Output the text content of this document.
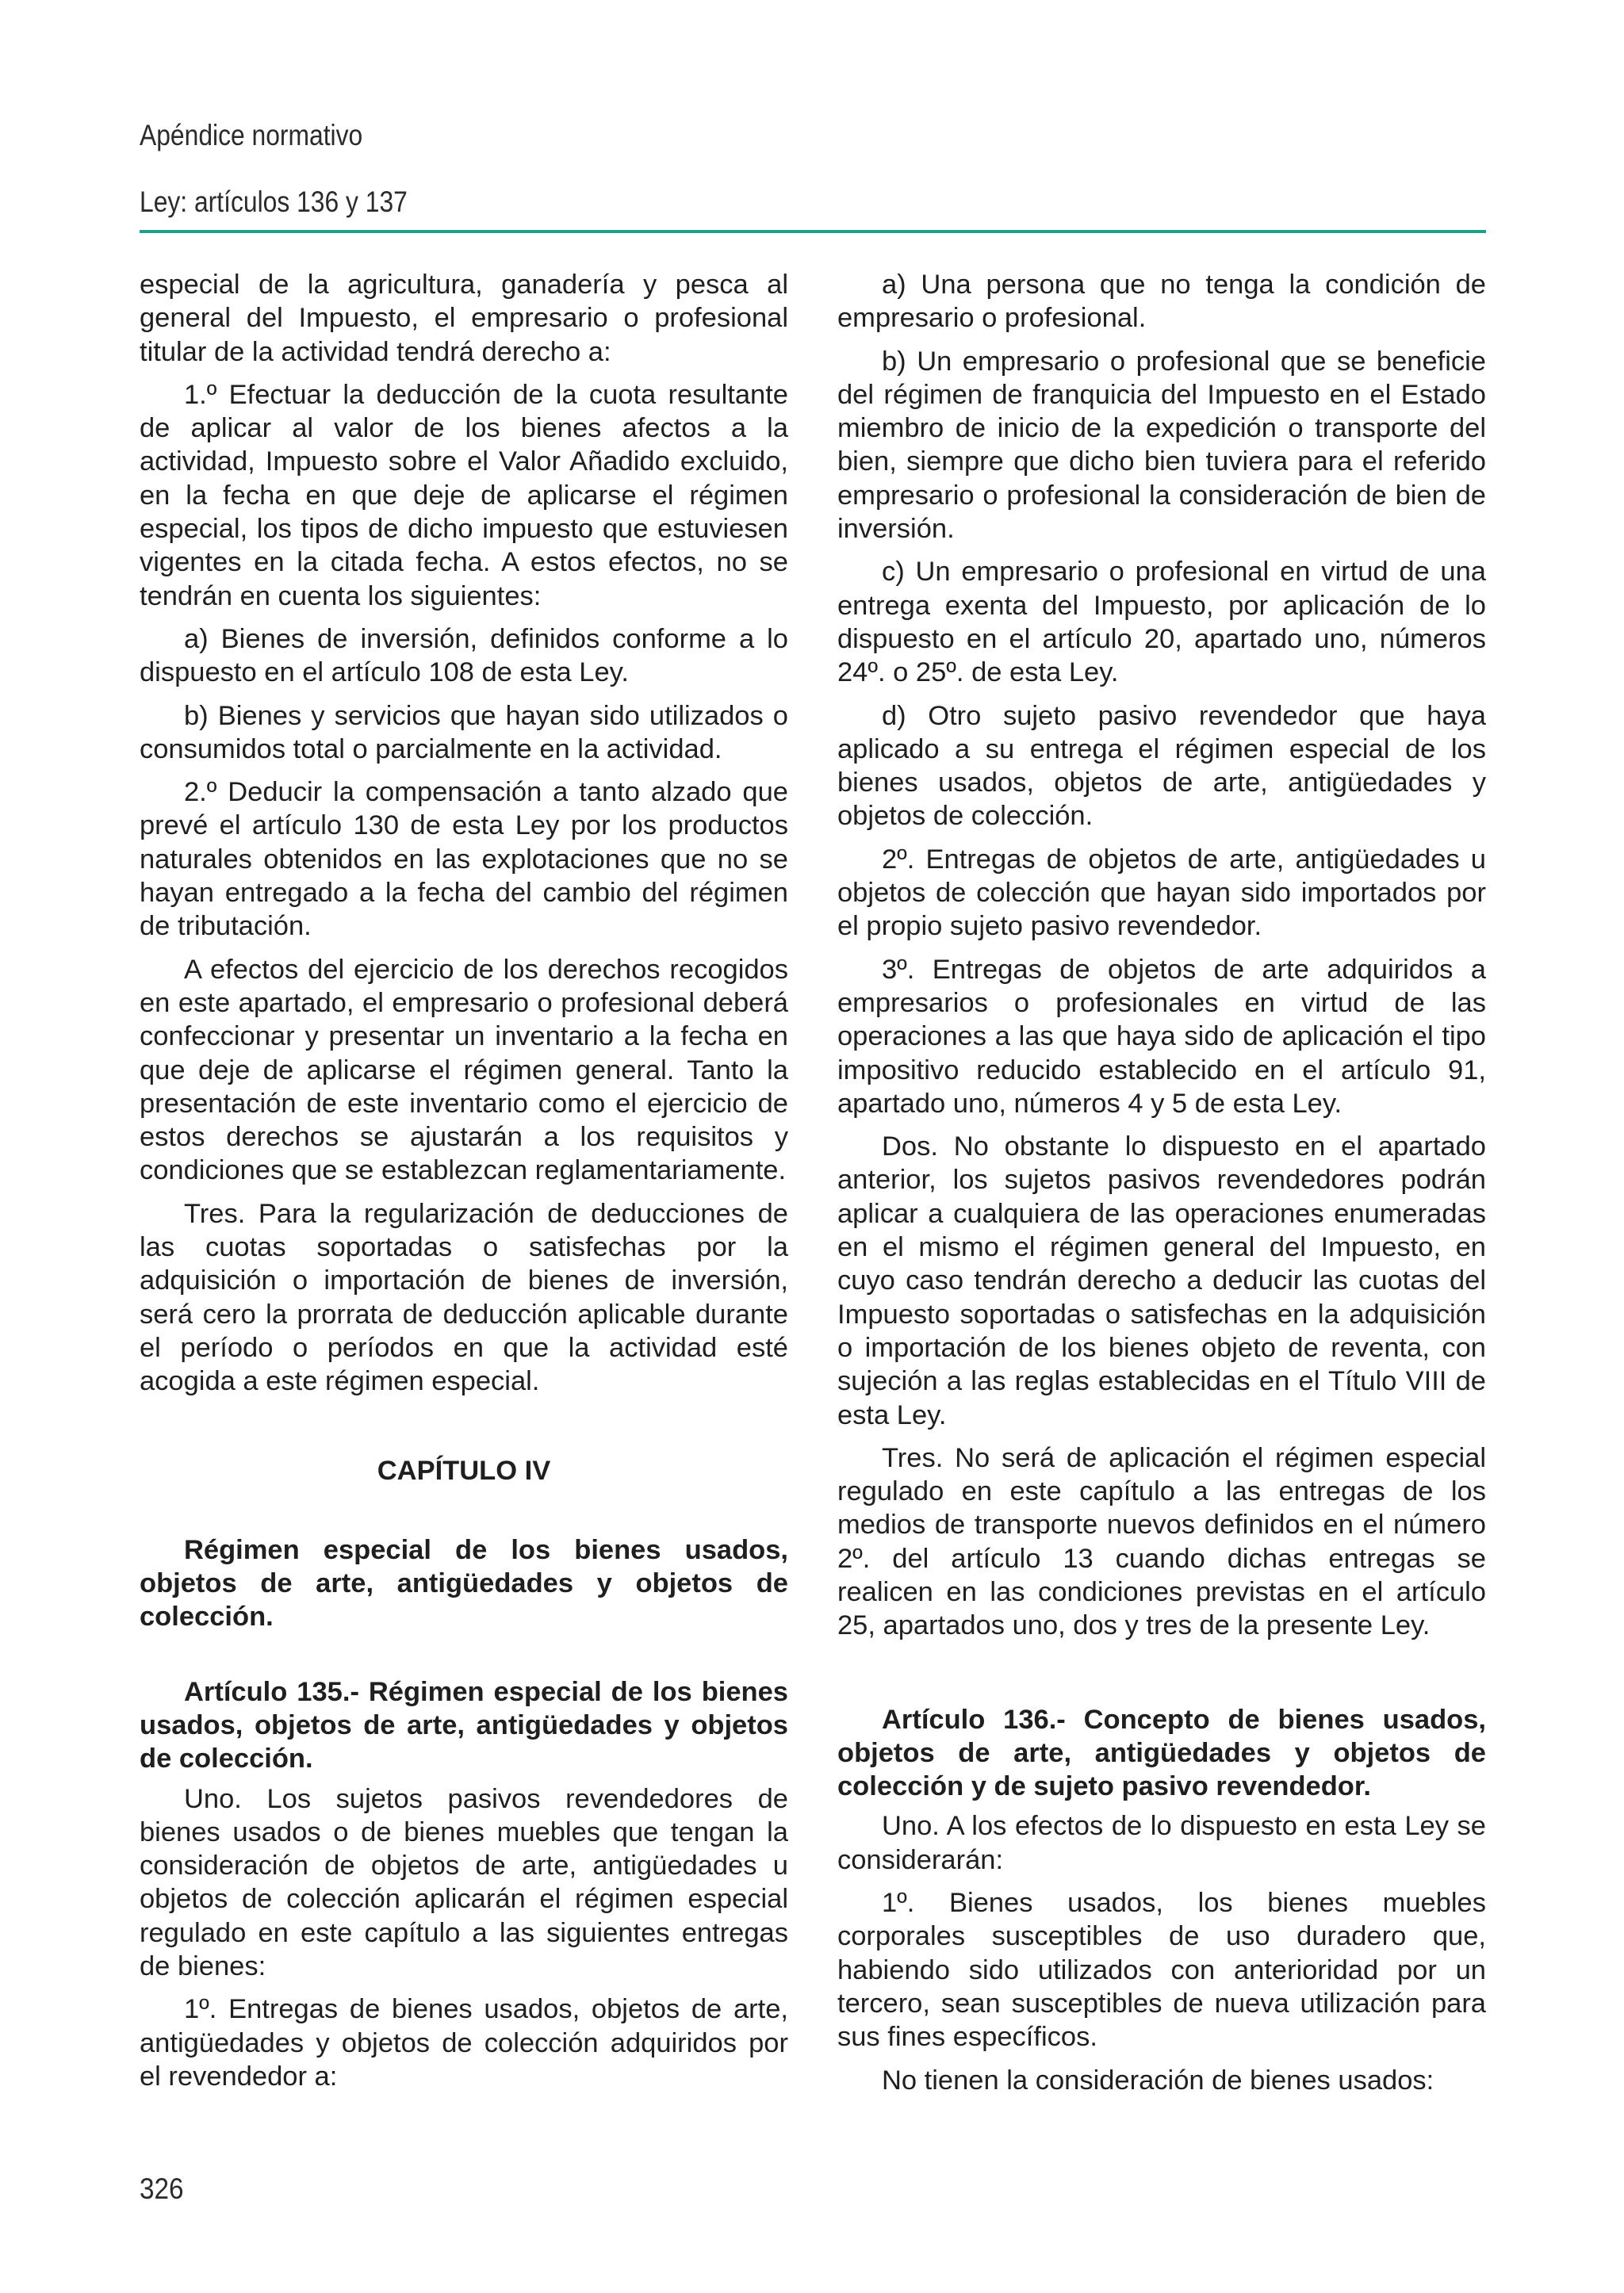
Apéndice normativo
Ley: artículos 136 y 137

especial de la agricultura, ganadería y pesca al general del Impuesto, el empresario o profesional titular de la actividad tendrá derecho a:

1.º Efectuar la deducción de la cuota resultante de aplicar al valor de los bienes afectos a la actividad, Impuesto sobre el Valor Añadido excluido, en la fecha en que deje de aplicarse el régimen especial, los tipos de dicho impuesto que estuviesen vigentes en la citada fecha. A estos efectos, no se tendrán en cuenta los siguientes:

a) Bienes de inversión, definidos conforme a lo dispuesto en el artículo 108 de esta Ley.

b) Bienes y servicios que hayan sido utilizados o consumidos total o parcialmente en la actividad.

2.º Deducir la compensación a tanto alzado que prevé el artículo 130 de esta Ley por los productos naturales obtenidos en las explotaciones que no se hayan entregado a la fecha del cambio del régimen de tributación.

A efectos del ejercicio de los derechos recogidos en este apartado, el empresario o profesional deberá confeccionar y presentar un inventario a la fecha en que deje de aplicarse el régimen general. Tanto la presentación de este inventario como el ejercicio de estos derechos se ajustarán a los requisitos y condiciones que se establezcan reglamentariamente.

Tres. Para la regularización de deducciones de las cuotas soportadas o satisfechas por la adquisición o importación de bienes de inversión, será cero la prorrata de deducción aplicable durante el período o períodos en que la actividad esté acogida a este régimen especial.

CAPÍTULO IV
Régimen especial de los bienes usados, objetos de arte, antigüedades y objetos de colección.
Artículo 135.- Régimen especial de los bienes usados, objetos de arte, antigüedades y objetos de colección.

Uno. Los sujetos pasivos revendedores de bienes usados o de bienes muebles que tengan la consideración de objetos de arte, antigüedades u objetos de colección aplicarán el régimen especial regulado en este capítulo a las siguientes entregas de bienes:

1º. Entregas de bienes usados, objetos de arte, antigüedades y objetos de colección adquiridos por el revendedor a:

a) Una persona que no tenga la condición de empresario o profesional.

b) Un empresario o profesional que se beneficie del régimen de franquicia del Impuesto en el Estado miembro de inicio de la expedición o transporte del bien, siempre que dicho bien tuviera para el referido empresario o profesional la consideración de bien de inversión.

c) Un empresario o profesional en virtud de una entrega exenta del Impuesto, por aplicación de lo dispuesto en el artículo 20, apartado uno, números 24º. o 25º. de esta Ley.

d) Otro sujeto pasivo revendedor que haya aplicado a su entrega el régimen especial de los bienes usados, objetos de arte, antigüedades y objetos de colección.

2º. Entregas de objetos de arte, antigüedades u objetos de colección que hayan sido importados por el propio sujeto pasivo revendedor.

3º. Entregas de objetos de arte adquiridos a empresarios o profesionales en virtud de las operaciones a las que haya sido de aplicación el tipo impositivo reducido establecido en el artículo 91, apartado uno, números 4 y 5 de esta Ley.

Dos. No obstante lo dispuesto en el apartado anterior, los sujetos pasivos revendedores podrán aplicar a cualquiera de las operaciones enumeradas en el mismo el régimen general del Impuesto, en cuyo caso tendrán derecho a deducir las cuotas del Impuesto soportadas o satisfechas en la adquisición o importación de los bienes objeto de reventa, con sujeción a las reglas establecidas en el Título VIII de esta Ley.

Tres. No será de aplicación el régimen especial regulado en este capítulo a las entregas de los medios de transporte nuevos definidos en el número 2º. del artículo 13 cuando dichas entregas se realicen en las condiciones previstas en el artículo 25, apartados uno, dos y tres de la presente Ley.

Artículo 136.- Concepto de bienes usados, objetos de arte, antigüedades y objetos de colección y de sujeto pasivo revendedor.

Uno. A los efectos de lo dispuesto en esta Ley se considerarán:

1º. Bienes usados, los bienes muebles corporales susceptibles de uso duradero que, habiendo sido utilizados con anterioridad por un tercero, sean susceptibles de nueva utilización para sus fines específicos.

No tienen la consideración de bienes usados:

326
